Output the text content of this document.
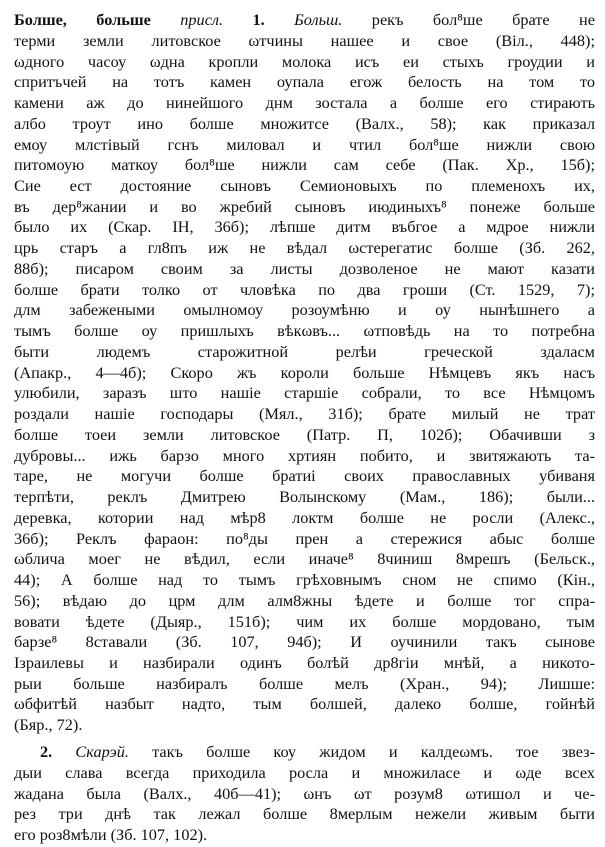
Болше, больше присл. 1. Больш. рекъ бол⁸ше брате не
терми земли литовское ωтчины нашее и свое (Віл., 448);
ωдного часоу ωдна кропли молока исъ еи стыхъ гроудии и
спритъчей на тотъ камен оупала егож белость на том то
камени аж до нинейшого днм зостала а болше его стирають
албо троут ино болше множитсе (Валх., 58); как приказал
емоу млстівый гснъ миловал и чтил бол⁸ше нижли свою
питомоую маткоу бол⁸ше нижли сам себе (Пак. Хр., 15б);
Сие ест достояние сыновъ Семионовыхъ по племенохъ их,
въ дер⁸жании и во жребий сыновъ июдиныхъ⁸ понеже больше
было их (Скар. IН, 36б); лѣпше дитм въбгое а мдрое нижли
црь старъ а гл8пъ иж не вѣдал ωстерегатис болше (Зб. 262,
88б); писаром своим за листы дозволеное не мают казати
болше брати толко от чловѣка по два гроши (Ст. 1529, 7);
длм забежеными омылномоу розоумѣню и оу нынѣшнего а
тымъ болше оу пришлыхъ вѣкωвъ... ωтповѣдь на то потребна
быти людемъ старожитной релѣи греческой здаласм
(Апакр., 4—4б); Скоро жъ короли больше Нѣмцевъ якъ насъ
улюбили, заразъ што нашіе старшіе собрали, то все Нѣмцомъ
роздали нашіе господары (Мял., 31б); брате милый не трат
болше тоеи земли литовское (Патр. П, 102б); Обачивши з
дубровы... ижь барзо много хртиян побито, и звитяжають та-
таре, не могучи болше братиі своих православных убиваня
терпѣти, реклъ Дмитрею Волынскому (Мам., 186); были...
деревка, котории над мѣр8 локтм болше не росли (Алекс.,
36б); Реклъ фараон: по⁸ды прен а стережися абыс болше
ωблича моег не вѣдил, если иначе⁸ 8чиниш 8мрешъ (Бельск.,
44); А болше над то тымъ грѣховнымъ сном не спимо (Кін.,
56); вѣдаю до црм длм алм8жны ѣдете и болше тог спра-
вовати ѣдете (Дыяр., 151б); чим их болше мордовано, тым
барзе⁸ 8ставали (Зб. 107, 94б); И оучинили такъ сынове
Ізраилевы и назбирали одинъ болѣй др8гіи мнѣй, а никото-
рыи больше назбиралъ болше мелъ (Хран., 94); Лишше:
ωбфитѣй назбыт надто, тым болшей, далеко болше, гойнѣй
(Бяр., 72).
2. Скарэй. такъ болше коу жидом и калдеωмъ. тое звез-
дыи слава всегда приходила росла и множиласе и ωде всех
жадана была (Валх., 40б—41); ωнъ ωт розум8 ωтишол и че-
рез три днѣ так лежал болше 8мерлым нежели живым быти
его роз8мѣли (Зб. 107, 102).
